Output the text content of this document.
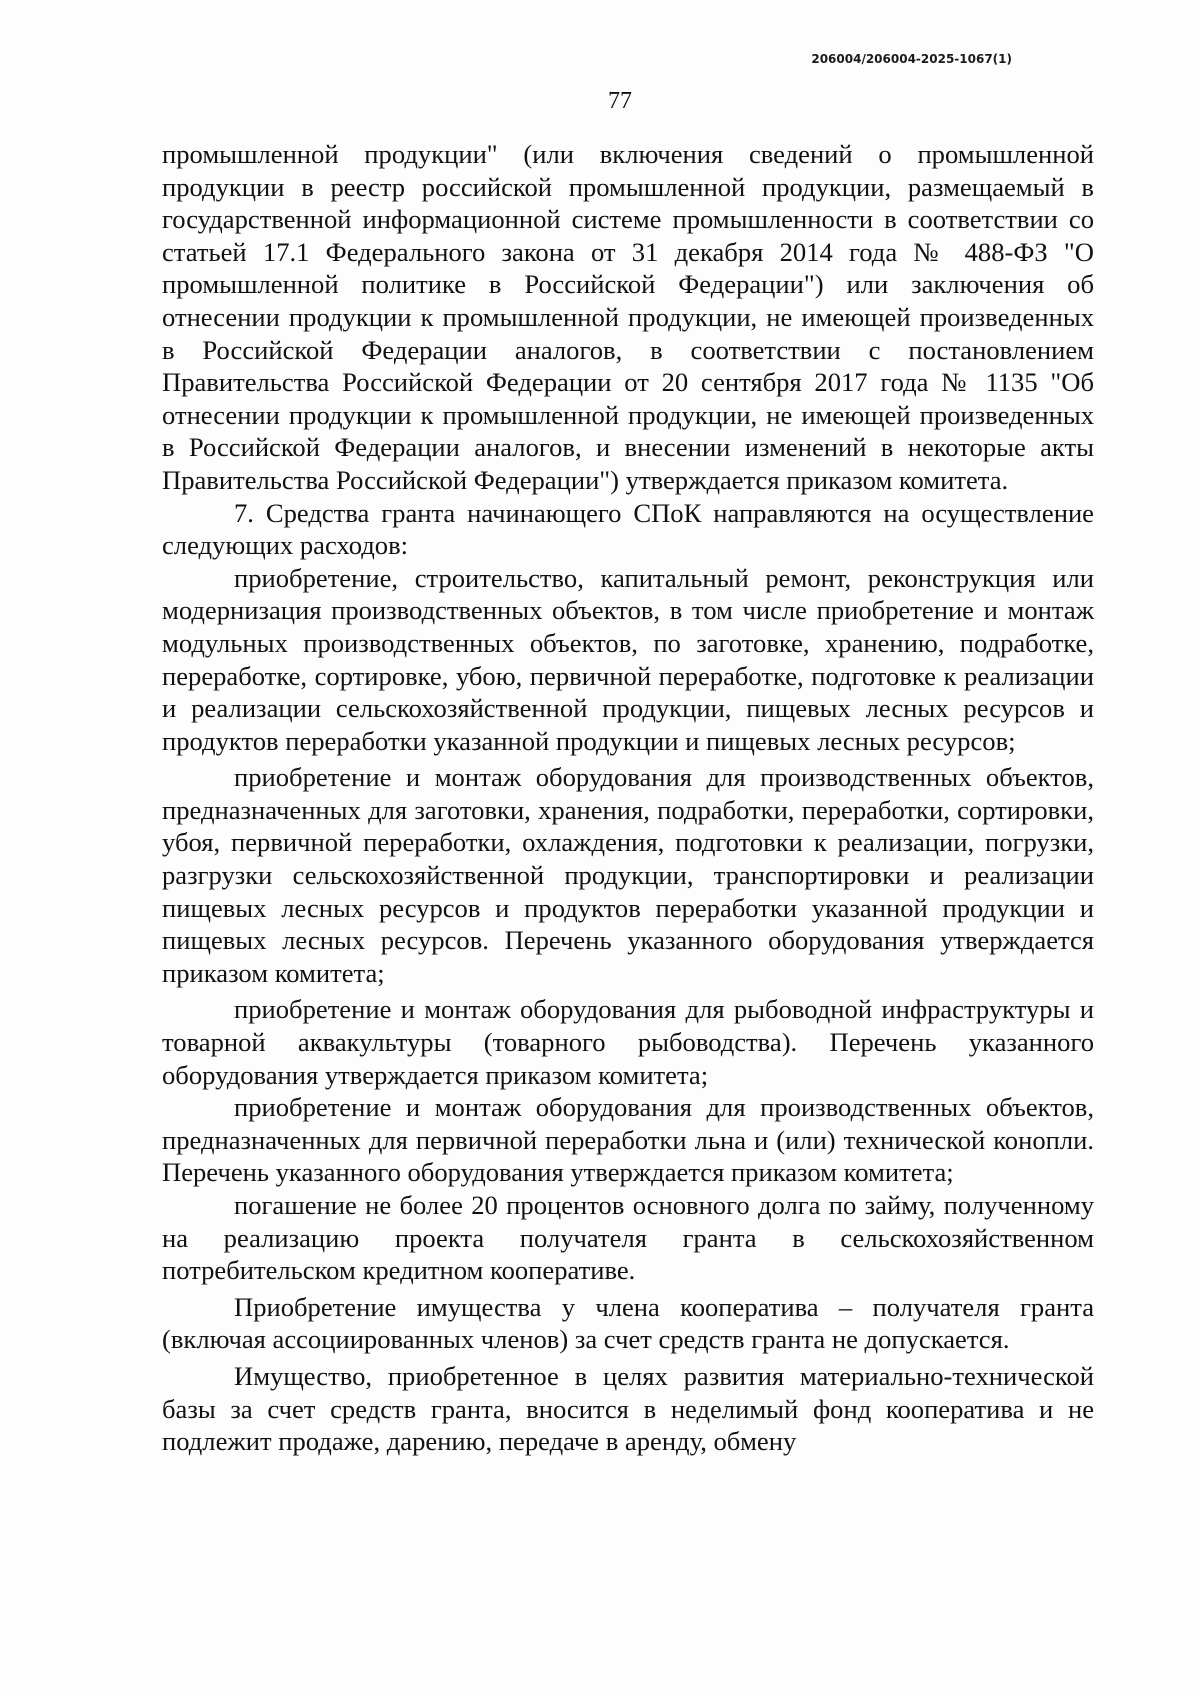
206004/206004-2025-1067(1)
77

промышленной продукции" (или включения сведений о промышленной продукции в реестр российской промышленной продукции, размещаемый в государственной информационной системе промышленности в соответствии со статьей 17.1 Федерального закона от 31 декабря 2014 года № 488-ФЗ "О промышленной политике в Российской Федерации") или заключения об отнесении продукции к промышленной продукции, не имеющей произведенных в Российской Федерации аналогов, в соответствии с постановлением Правительства Российской Федерации от 20 сентября 2017 года № 1135 "Об отнесении продукции к промышленной продукции, не имеющей произведенных в Российской Федерации аналогов, и внесении изменений в некоторые акты Правительства Российской Федерации") утверждается приказом комитета.

7. Средства гранта начинающего СПоК направляются на осуществление следующих расходов:

приобретение, строительство, капитальный ремонт, реконструкция или модернизация производственных объектов, в том числе приобретение и монтаж модульных производственных объектов, по заготовке, хранению, подработке, переработке, сортировке, убою, первичной переработке, подготовке к реализации и реализации сельскохозяйственной продукции, пищевых лесных ресурсов и продуктов переработки указанной продукции и пищевых лесных ресурсов;

приобретение и монтаж оборудования для производственных объектов, предназначенных для заготовки, хранения, подработки, переработки, сортировки, убоя, первичной переработки, охлаждения, подготовки к реализации, погрузки, разгрузки сельскохозяйственной продукции, транспортировки и реализации пищевых лесных ресурсов и продуктов переработки указанной продукции и пищевых лесных ресурсов. Перечень указанного оборудования утверждается приказом комитета;

приобретение и монтаж оборудования для рыбоводной инфраструктуры и товарной аквакультуры (товарного рыбоводства). Перечень указанного оборудования утверждается приказом комитета;

приобретение и монтаж оборудования для производственных объектов, предназначенных для первичной переработки льна и (или) технической конопли. Перечень указанного оборудования утверждается приказом комитета;

погашение не более 20 процентов основного долга по займу, полученному на реализацию проекта получателя гранта в сельскохозяйственном потребительском кредитном кооперативе.

Приобретение имущества у члена кооператива – получателя гранта (включая ассоциированных членов) за счет средств гранта не допускается.

Имущество, приобретенное в целях развития материально-технической базы за счет средств гранта, вносится в неделимый фонд кооператива и не подлежит продаже, дарению, передаче в аренду, обмену
